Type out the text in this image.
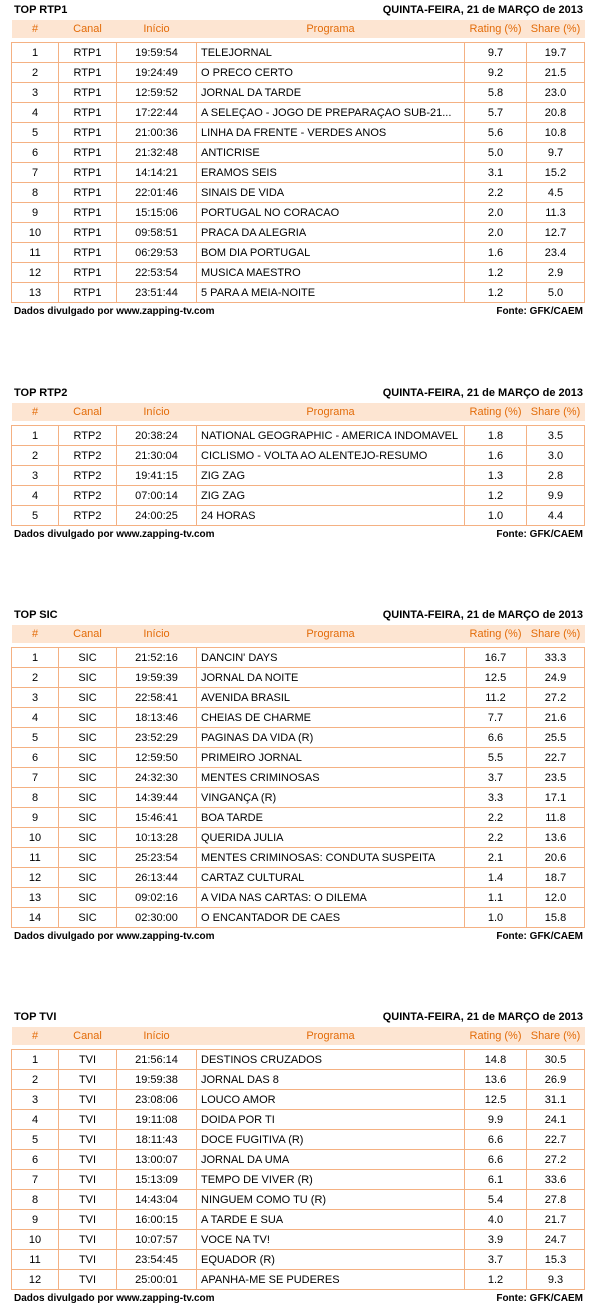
TOP RTP1	QUINTA-FEIRA, 21 de MARÇO de 2013
#	Canal	Início	Programa	Rating (%)	Share (%)

1	RTP1	19:59:54	TELEJORNAL	9.7	19.7
2	RTP1	19:24:49	O PRECO CERTO	9.2	21.5
3	RTP1	12:59:52	JORNAL DA TARDE	5.8	23.0
4	RTP1	17:22:44	A SELEÇAO - JOGO DE PREPARAÇAO SUB-21...	5.7	20.8
5	RTP1	21:00:36	LINHA DA FRENTE - VERDES ANOS	5.6	10.8
6	RTP1	21:32:48	ANTICRISE	5.0	9.7
7	RTP1	14:14:21	ERAMOS SEIS	3.1	15.2
8	RTP1	22:01:46	SINAIS DE VIDA	2.2	4.5
9	RTP1	15:15:06	PORTUGAL NO CORACAO	2.0	11.3
10	RTP1	09:58:51	PRACA DA ALEGRIA	2.0	12.7
11	RTP1	06:29:53	BOM DIA PORTUGAL	1.6	23.4
12	RTP1	22:53:54	MUSICA MAESTRO	1.2	2.9
13	RTP1	23:51:44	5 PARA A MEIA-NOITE	1.2	5.0
Dados divulgado por www.zapping-tv.com	Fonte: GFK/CAEM
TOP RTP2	QUINTA-FEIRA, 21 de MARÇO de 2013
#	Canal	Início	Programa	Rating (%)	Share (%)

1	RTP2	20:38:24	NATIONAL GEOGRAPHIC - AMERICA INDOMAVEL	1.8	3.5
2	RTP2	21:30:04	CICLISMO - VOLTA AO ALENTEJO-RESUMO	1.6	3.0
3	RTP2	19:41:15	ZIG ZAG	1.3	2.8
4	RTP2	07:00:14	ZIG ZAG	1.2	9.9
5	RTP2	24:00:25	24 HORAS	1.0	4.4
Dados divulgado por www.zapping-tv.com	Fonte: GFK/CAEM
TOP SIC	QUINTA-FEIRA, 21 de MARÇO de 2013
#	Canal	Início	Programa	Rating (%)	Share (%)

1	SIC	21:52:16	DANCIN' DAYS	16.7	33.3
2	SIC	19:59:39	JORNAL DA NOITE	12.5	24.9
3	SIC	22:58:41	AVENIDA BRASIL	11.2	27.2
4	SIC	18:13:46	CHEIAS DE CHARME	7.7	21.6
5	SIC	23:52:29	PAGINAS DA VIDA (R)	6.6	25.5
6	SIC	12:59:50	PRIMEIRO JORNAL	5.5	22.7
7	SIC	24:32:30	MENTES CRIMINOSAS	3.7	23.5
8	SIC	14:39:44	VINGANÇA (R)	3.3	17.1
9	SIC	15:46:41	BOA TARDE	2.2	11.8
10	SIC	10:13:28	QUERIDA JULIA	2.2	13.6
11	SIC	25:23:54	MENTES CRIMINOSAS: CONDUTA SUSPEITA	2.1	20.6
12	SIC	26:13:44	CARTAZ CULTURAL	1.4	18.7
13	SIC	09:02:16	A VIDA NAS CARTAS: O DILEMA	1.1	12.0
14	SIC	02:30:00	O ENCANTADOR DE CAES	1.0	15.8
Dados divulgado por www.zapping-tv.com	Fonte: GFK/CAEM
TOP TVI	QUINTA-FEIRA, 21 de MARÇO de 2013
#	Canal	Início	Programa	Rating (%)	Share (%)

1	TVI	21:56:14	DESTINOS CRUZADOS	14.8	30.5
2	TVI	19:59:38	JORNAL DAS 8	13.6	26.9
3	TVI	23:08:06	LOUCO AMOR	12.5	31.1
4	TVI	19:11:08	DOIDA POR TI	9.9	24.1
5	TVI	18:11:43	DOCE FUGITIVA (R)	6.6	22.7
6	TVI	13:00:07	JORNAL DA UMA	6.6	27.2
7	TVI	15:13:09	TEMPO DE VIVER (R)	6.1	33.6
8	TVI	14:43:04	NINGUEM COMO TU (R)	5.4	27.8
9	TVI	16:00:15	A TARDE E SUA	4.0	21.7
10	TVI	10:07:57	VOCE NA TV!	3.9	24.7
11	TVI	23:54:45	EQUADOR (R)	3.7	15.3
12	TVI	25:00:01	APANHA-ME SE PUDERES	1.2	9.3
Dados divulgado por www.zapping-tv.com	Fonte: GFK/CAEM
